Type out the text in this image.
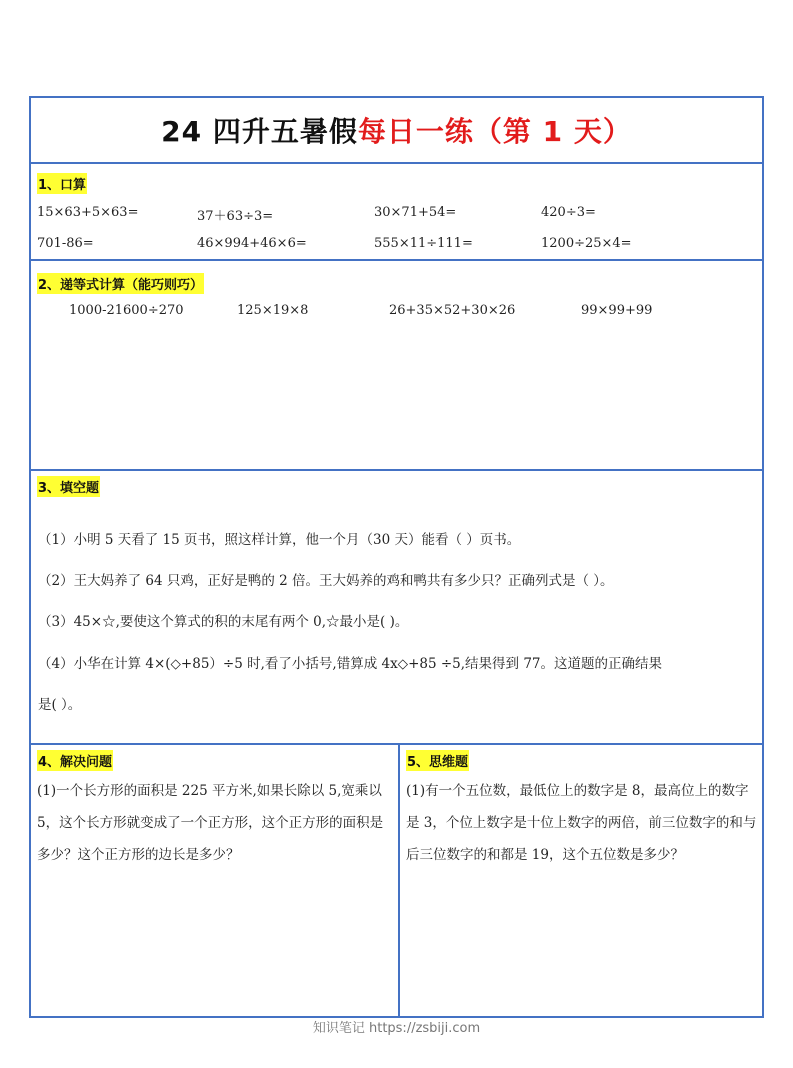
24 四升五暑假每日一练（第 1 天）
1、口算
15×63+5×63=	37＋63÷3=	30×71+54=	420÷3=
701-86=	46×994+46×6=	555×11÷111=	1200÷25×4=
2、递等式计算（能巧则巧）
1000-21600÷270	125×19×8	26+35×52+30×26	99×99+99
3、填空题
（1）小明 5 天看了 15 页书，照这样计算，他一个月（30 天）能看（ ）页书。
（2）王大妈养了 64 只鸡，正好是鸭的 2 倍。王大妈养的鸡和鸭共有多少只？正确列式是（ ）。
（3）45×☆,要使这个算式的积的末尾有两个 0,☆最小是( )。
（4）小华在计算 4×(◇+85）÷5 时,看了小括号,错算成 4x◇+85 ÷5,结果得到 77。这道题的正确结果
是( ）。
4、解决问题
(1)一个长方形的面积是 225 平方米,如果长除以 5,宽乘以 5，这个长方形就变成了一个正方形，这个正方形的面积是多少？这个正方形的边长是多少？
5、思维题
(1)有一个五位数，最低位上的数字是 8，最高位上的数字是 3，个位上数字是十位上数字的两倍，前三位数字的和与后三位数字的和都是 19，这个五位数是多少？
知识笔记 https://zsbiji.com
